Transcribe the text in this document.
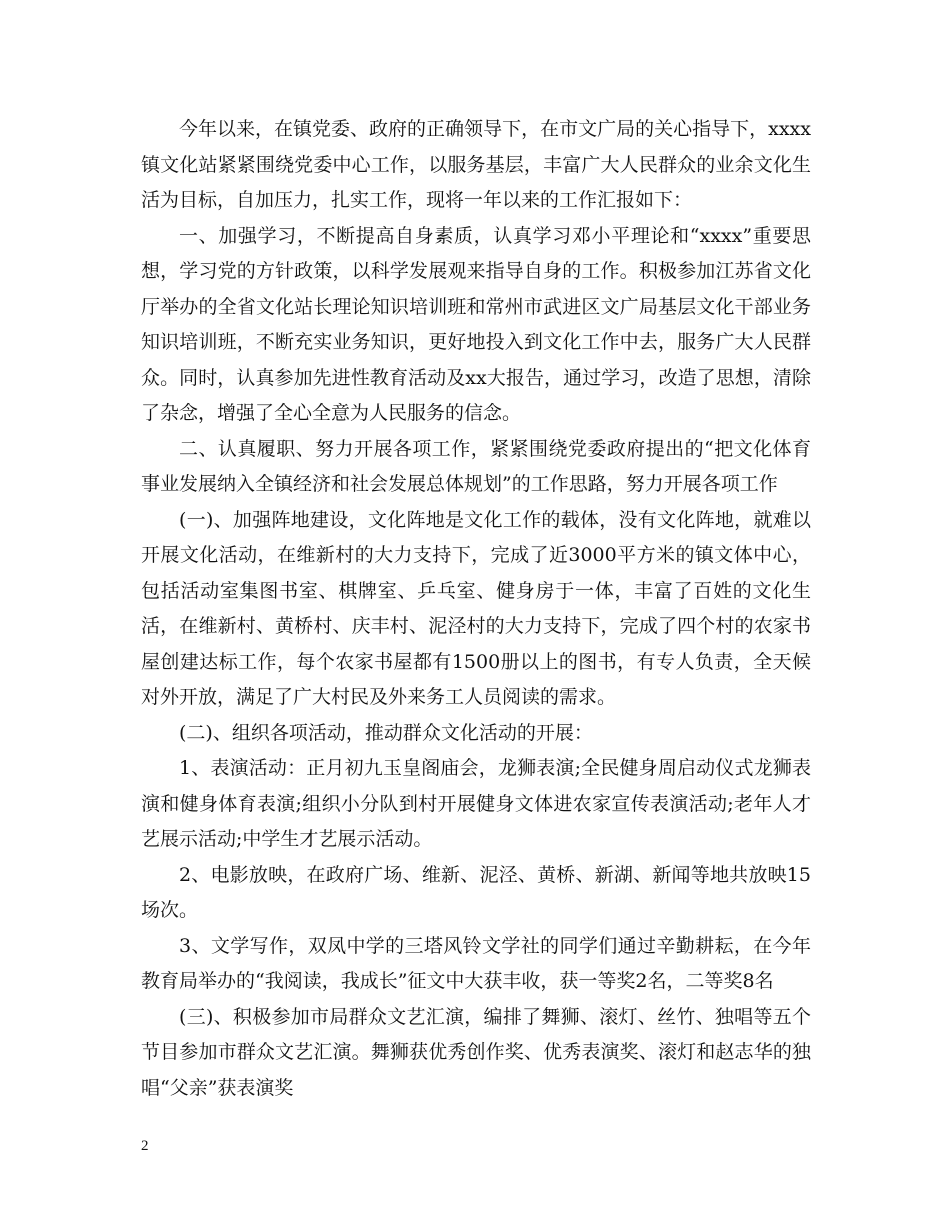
今年以来，在镇党委、政府的正确领导下，在市文广局的关心指导下，xxxx镇文化站紧紧围绕党委中心工作，以服务基层，丰富广大人民群众的业余文化生活为目标，自加压力，扎实工作，现将一年以来的工作汇报如下：

一、加强学习，不断提高自身素质，认真学习邓小平理论和“xxxx”重要思想，学习党的方针政策，以科学发展观来指导自身的工作。积极参加江苏省文化厅举办的全省文化站长理论知识培训班和常州市武进区文广局基层文化干部业务知识培训班，不断充实业务知识，更好地投入到文化工作中去，服务广大人民群众。同时，认真参加先进性教育活动及xx大报告，通过学习，改造了思想，清除了杂念，增强了全心全意为人民服务的信念。

二、认真履职、努力开展各项工作，紧紧围绕党委政府提出的“把文化体育事业发展纳入全镇经济和社会发展总体规划”的工作思路，努力开展各项工作

(一)、加强阵地建设，文化阵地是文化工作的载体，没有文化阵地，就难以开展文化活动，在维新村的大力支持下，完成了近3000平方米的镇文体中心，包括活动室集图书室、棋牌室、乒乓室、健身房于一体，丰富了百姓的文化生活，在维新村、黄桥村、庆丰村、泥泾村的大力支持下，完成了四个村的农家书屋创建达标工作，每个农家书屋都有1500册以上的图书，有专人负责，全天候对外开放，满足了广大村民及外来务工人员阅读的需求。

(二)、组织各项活动，推动群众文化活动的开展：

1、表演活动：正月初九玉皇阁庙会，龙狮表演;全民健身周启动仪式龙狮表演和健身体育表演;组织小分队到村开展健身文体进农家宣传表演活动;老年人才艺展示活动;中学生才艺展示活动。

2、电影放映，在政府广场、维新、泥泾、黄桥、新湖、新闻等地共放映15场次。

3、文学写作，双凤中学的三塔风铃文学社的同学们通过辛勤耕耘，在今年教育局举办的“我阅读，我成长”征文中大获丰收，获一等奖2名，二等奖8名

(三)、积极参加市局群众文艺汇演，编排了舞狮、滚灯、丝竹、独唱等五个节目参加市群众文艺汇演。舞狮获优秀创作奖、优秀表演奖、滚灯和赵志华的独唱“父亲”获表演奖

2
